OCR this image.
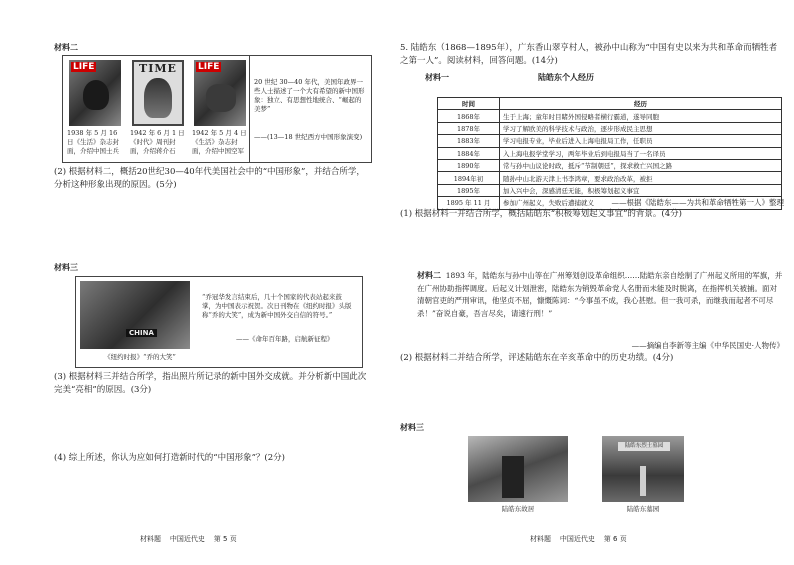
材料二
LIFE	TIME	LIFE
1938 年 5 月 16 日《生活》杂志封面，介绍中国士兵
1942 年 6 月 1 日《时代》周刊封面，介绍蒋介石
1942 年 5 月 4 日《生活》杂志封面，介绍中国空军
20 世纪 30—40 年代，美国年政界一些人士描述了一个大有希望的新中国形象：独立、有思想性地统合、“崛起的美梦”
——(13—18 世纪西方中国形象演变)
(2) 根据材料二，概括20世纪30—40年代美国社会中的“中国形象”，并结合所学，分析这种形象出现的原因。(5分)
材料三
CHINA
《纽约时报》“乔的大笑”
“乔冠华发言结束后，几十个国家的代表站起来鼓掌，为中国表示祝贺。次日刊物在《纽约时报》头版称“乔的大笑”，成为新中国外交自信的符号。”
——《命年百年路，启航新征程》
(3) 根据材料三并结合所学，指出照片所记录的新中国外交成就。并分析新中国此次完美“亮相”的原因。(3分)
(4) 综上所述，你认为应如何打造新时代的“中国形象”？(2分)
材料题    中国近代史    第 5 页
5. 陆皓东（1868—1895年），广东香山翠亨村人，被孙中山称为“中国有史以来为共和革命而牺牲者之第一人”。阅读材料，回答问题。(14分)
材料一	陆皓东个人经历
时间	经历
1868年	生于上海；童年时目睹外国侵略者横行霸道，遂导同胞
1878年	学习了解欧美的科学技术与政治，逐步形成民主思想
1883年	学习电报专业，毕业后进入上海电报局工作，任职员
1884年	入上海电报学堂学习，两年毕业后到电报局当了一名译员
1890年	常与孙中山议论时政，抵斥“节制朝廷”，探求救亡兴国之路
1894年初	随孙中山北游天津上书李鸿章，要求政治改革，被拒
1895年	加入兴中会，深感清廷无能，积极筹划起义事宜
1895 年 11 月	参加广州起义，失败后遭捕就义	——根据《陆皓东——为共和革命牺牲第一人》整理
(1) 根据材料一并结合所学，概括陆皓东“积极筹划起义事宜”的背景。(4分)
材料二 1893 年，陆皓东与孙中山等在广州筹划创设革命组织……陆皓东亲自绘制了广州起义所用的军旗，并在广州协助指挥调度。后起义计划泄密，陆皓东为销毁革命党人名册而未能及时脱离，在指挥机关被捕。面对清朝官吏的严刑审讯，他坚贞不屈，慷慨陈词：“今事虽不成，我心甚慰。但一我可杀，而继我而起者不可尽杀！”奋说自豪，吾言尽矣，请速行刑！”
——摘编自李新等主编《中华民国史·人物传》
(2) 根据材料二并结合所学，评述陆皓东在辛亥革命中的历史功绩。(4分)
材料三
陆皓东故居
陆皓东烈士墓园
陆皓东墓园
材料题    中国近代史    第 6 页
